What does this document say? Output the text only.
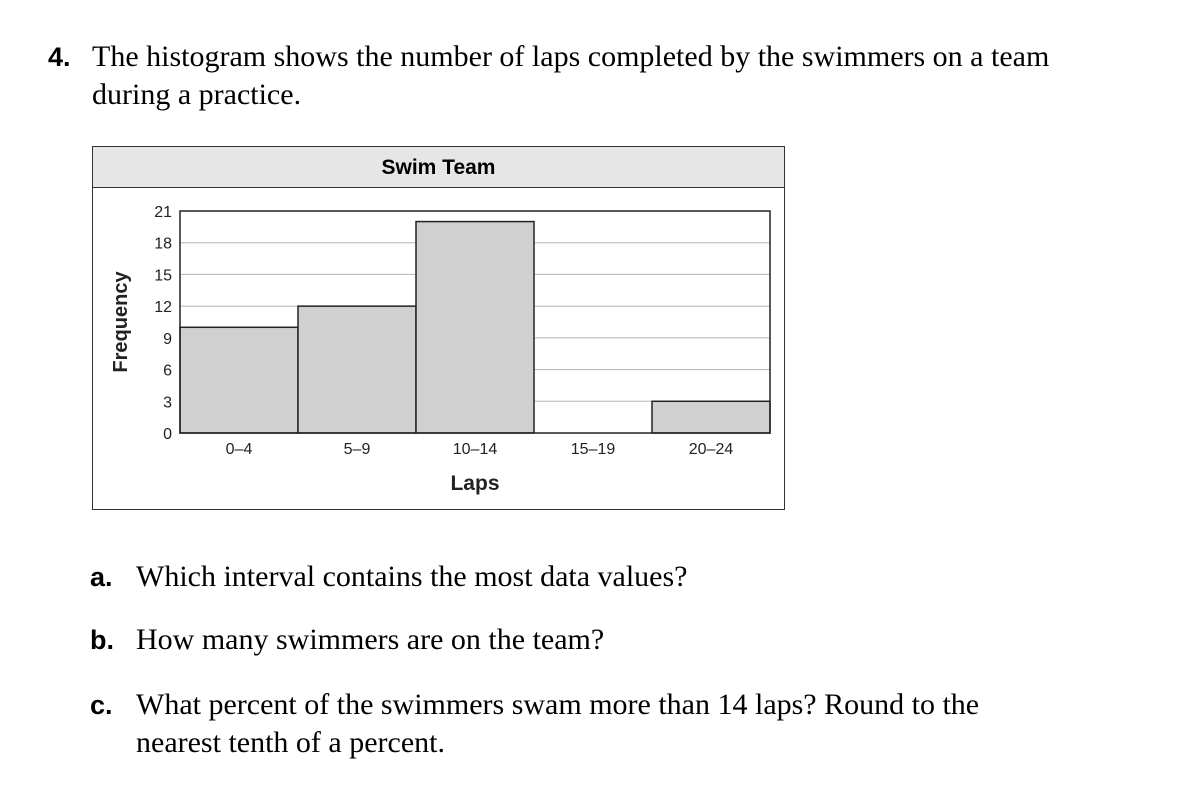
4. The histogram shows the number of laps completed by the swimmers on a team during a practice.
Swim Team
0
3
6
9
12
15
18
21
0–4	5–9	10–14	15–19	20–24
Laps
Frequency
a. Which interval contains the most data values?
b. How many swimmers are on the team?
c. What percent of the swimmers swam more than 14 laps? Round to the nearest tenth of a percent.
